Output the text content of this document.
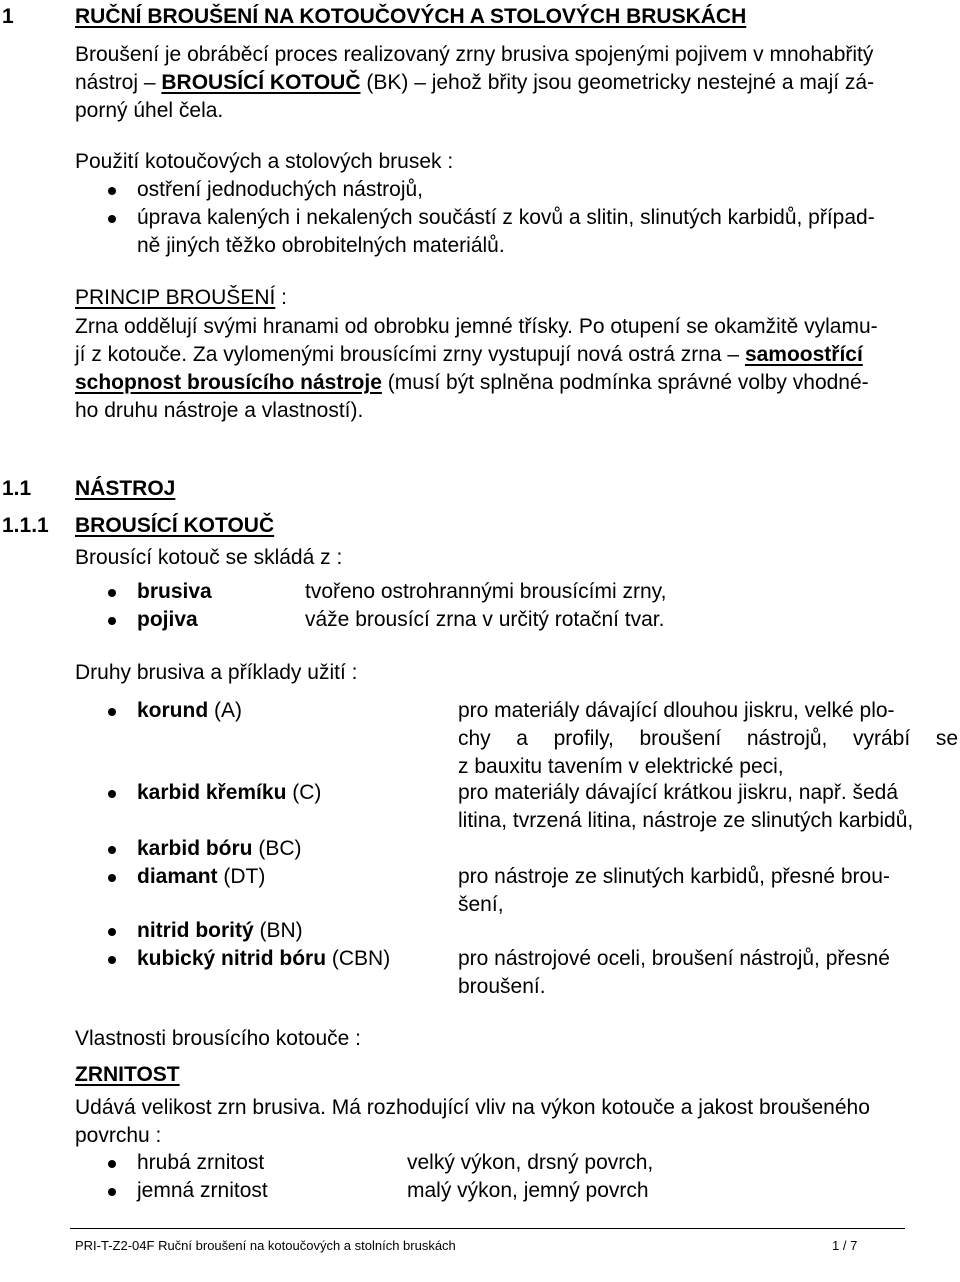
1	RUČNÍ BROUŠENÍ NA KOTOUČOVÝCH A STOLOVÝCH BRUSKÁCH
Broušení je obráběcí proces realizovaný zrny brusiva spojenými pojivem v mnohabřitý
nástroj – BROUSÍCÍ KOTOUČ (BK) – jehož břity jsou geometricky nestejné a mají zá-
porný úhel čela.
Použití kotoučových a stolových brusek :
ostření jednoduchých nástrojů,
úprava kalených i nekalených součástí z kovů a slitin, slinutých karbidů, případ-
ně jiných těžko obrobitelných materiálů.
PRINCIP BROUŠENÍ :
Zrna oddělují svými hranami od obrobku jemné třísky. Po otupení se okamžitě vylamu-
jí z kotouče. Za vylomenými brousícími zrny vystupují nová ostrá zrna – samoostřící
schopnost brousícího nástroje (musí být splněna podmínka správné volby vhodné-
ho druhu nástroje a vlastností).
1.1 NÁSTROJ
1.1.1 BROUSÍCÍ KOTOUČ
Brousící kotouč se skládá z :
brusiva	tvořeno ostrohrannými brousícími zrny,
pojiva	váže brousící zrna v určitý rotační tvar.
Druhy brusiva a příklady užití :
korund (A)	pro materiály dávající dlouhou jiskru, velké plo-
chy a profily, broušení nástrojů, vyrábí se
z bauxitu tavením v elektrické peci,
karbid křemíku (C)	pro materiály dávající krátkou jiskru, např. šedá
litina, tvrzená litina, nástroje ze slinutých karbidů,
karbid bóru (BC)
diamant (DT)	pro nástroje ze slinutých karbidů, přesné brou-
šení,
nitrid boritý (BN)
kubický nitrid bóru (CBN)	pro nástrojové oceli, broušení nástrojů, přesné
broušení.
Vlastnosti brousícího kotouče :
ZRNITOST
Udává velikost zrn brusiva. Má rozhodující vliv na výkon kotouče a jakost broušeného
povrchu :
hrubá zrnitost	velký výkon, drsný povrch,
jemná zrnitost	malý výkon, jemný povrch
PRI-T-Z2-04F Ruční broušení na kotoučových a stolních bruskách	1 / 7
